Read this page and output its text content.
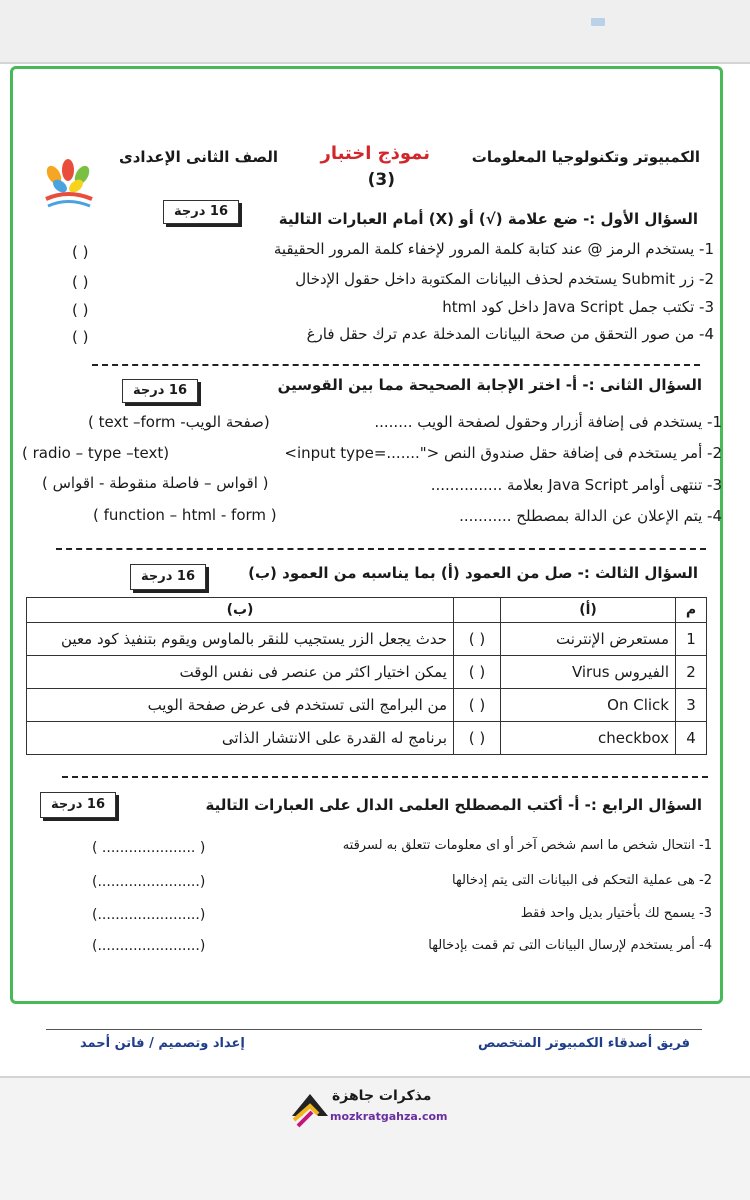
الكمبيوتر وتكنولوجيا المعلومات
نموذج اختبار
(3)
الصف الثانى الإعدادى
16 درجة	السؤال الأول :- ضع علامة (√) أو (X) أمام العبارات التالية
1- يستخدم الرمز @ عند كتابة كلمة المرور لإخفاء كلمة المرور الحقيقية
2- زر Submit يستخدم لحذف البيانات المكتوبة داخل حقول الإدخال
3- تكتب جمل Java Script داخل كود html
4- من صور التحقق من صحة البيانات المدخلة عدم ترك حقل فارغ
( )
( )
( )
( )
16 درجة	السؤال الثانى :- أ- اختر الإجابة الصحيحة مما بين القوسين
1- يستخدم فى إضافة أزرار وحقول لصفحة الويب ........
(صفحة الويب- text –form )
2- أمر يستخدم فى إضافة حقل صندوق النص <".......=input type>
(radio – type –text )
3- تنتهى أوامر Java Script بعلامة ...............
( اقواس – فاصلة منقوطة - اقواس )
4- يتم الإعلان عن الدالة بمصطلح ...........
( function – html - form )
16 درجة	السؤال الثالث :- صل من العمود (أ) بما يناسبه من العمود (ب)
م	(أ)		(ب)
1	مستعرض الإنترنت	( )	حدث يجعل الزر يستجيب للنقر بالماوس ويقوم بتنفيذ كود معين
2	الفيروس Virus	( )	يمكن اختيار اكثر من عنصر فى نفس الوقت
3	On Click	( )	من البرامج التى تستخدم فى عرض صفحة الويب
4	checkbox	( )	برنامج له القدرة على الانتشار الذاتى
16 درجة	السؤال الرابع :- أ- أكتب المصطلح العلمى الدال على العبارات التالية
1- انتحال شخص ما اسم شخص آخر أو اى معلومات تتعلق به لسرقته
2- هى عملية التحكم فى البيانات التى يتم إدخالها
3- يسمح لك بأختيار بديل واحد فقط
4- أمر يستخدم لإرسال البيانات التى تم قمت بإدخالها
( ..................... )
(.......................)
(.......................)
(.......................)
فريق أصدقاء الكمبيوتر المتخصص
إعداد وتصميم / فاتن أحمد
مذكرات جاهزة
mozkratgahza.com
